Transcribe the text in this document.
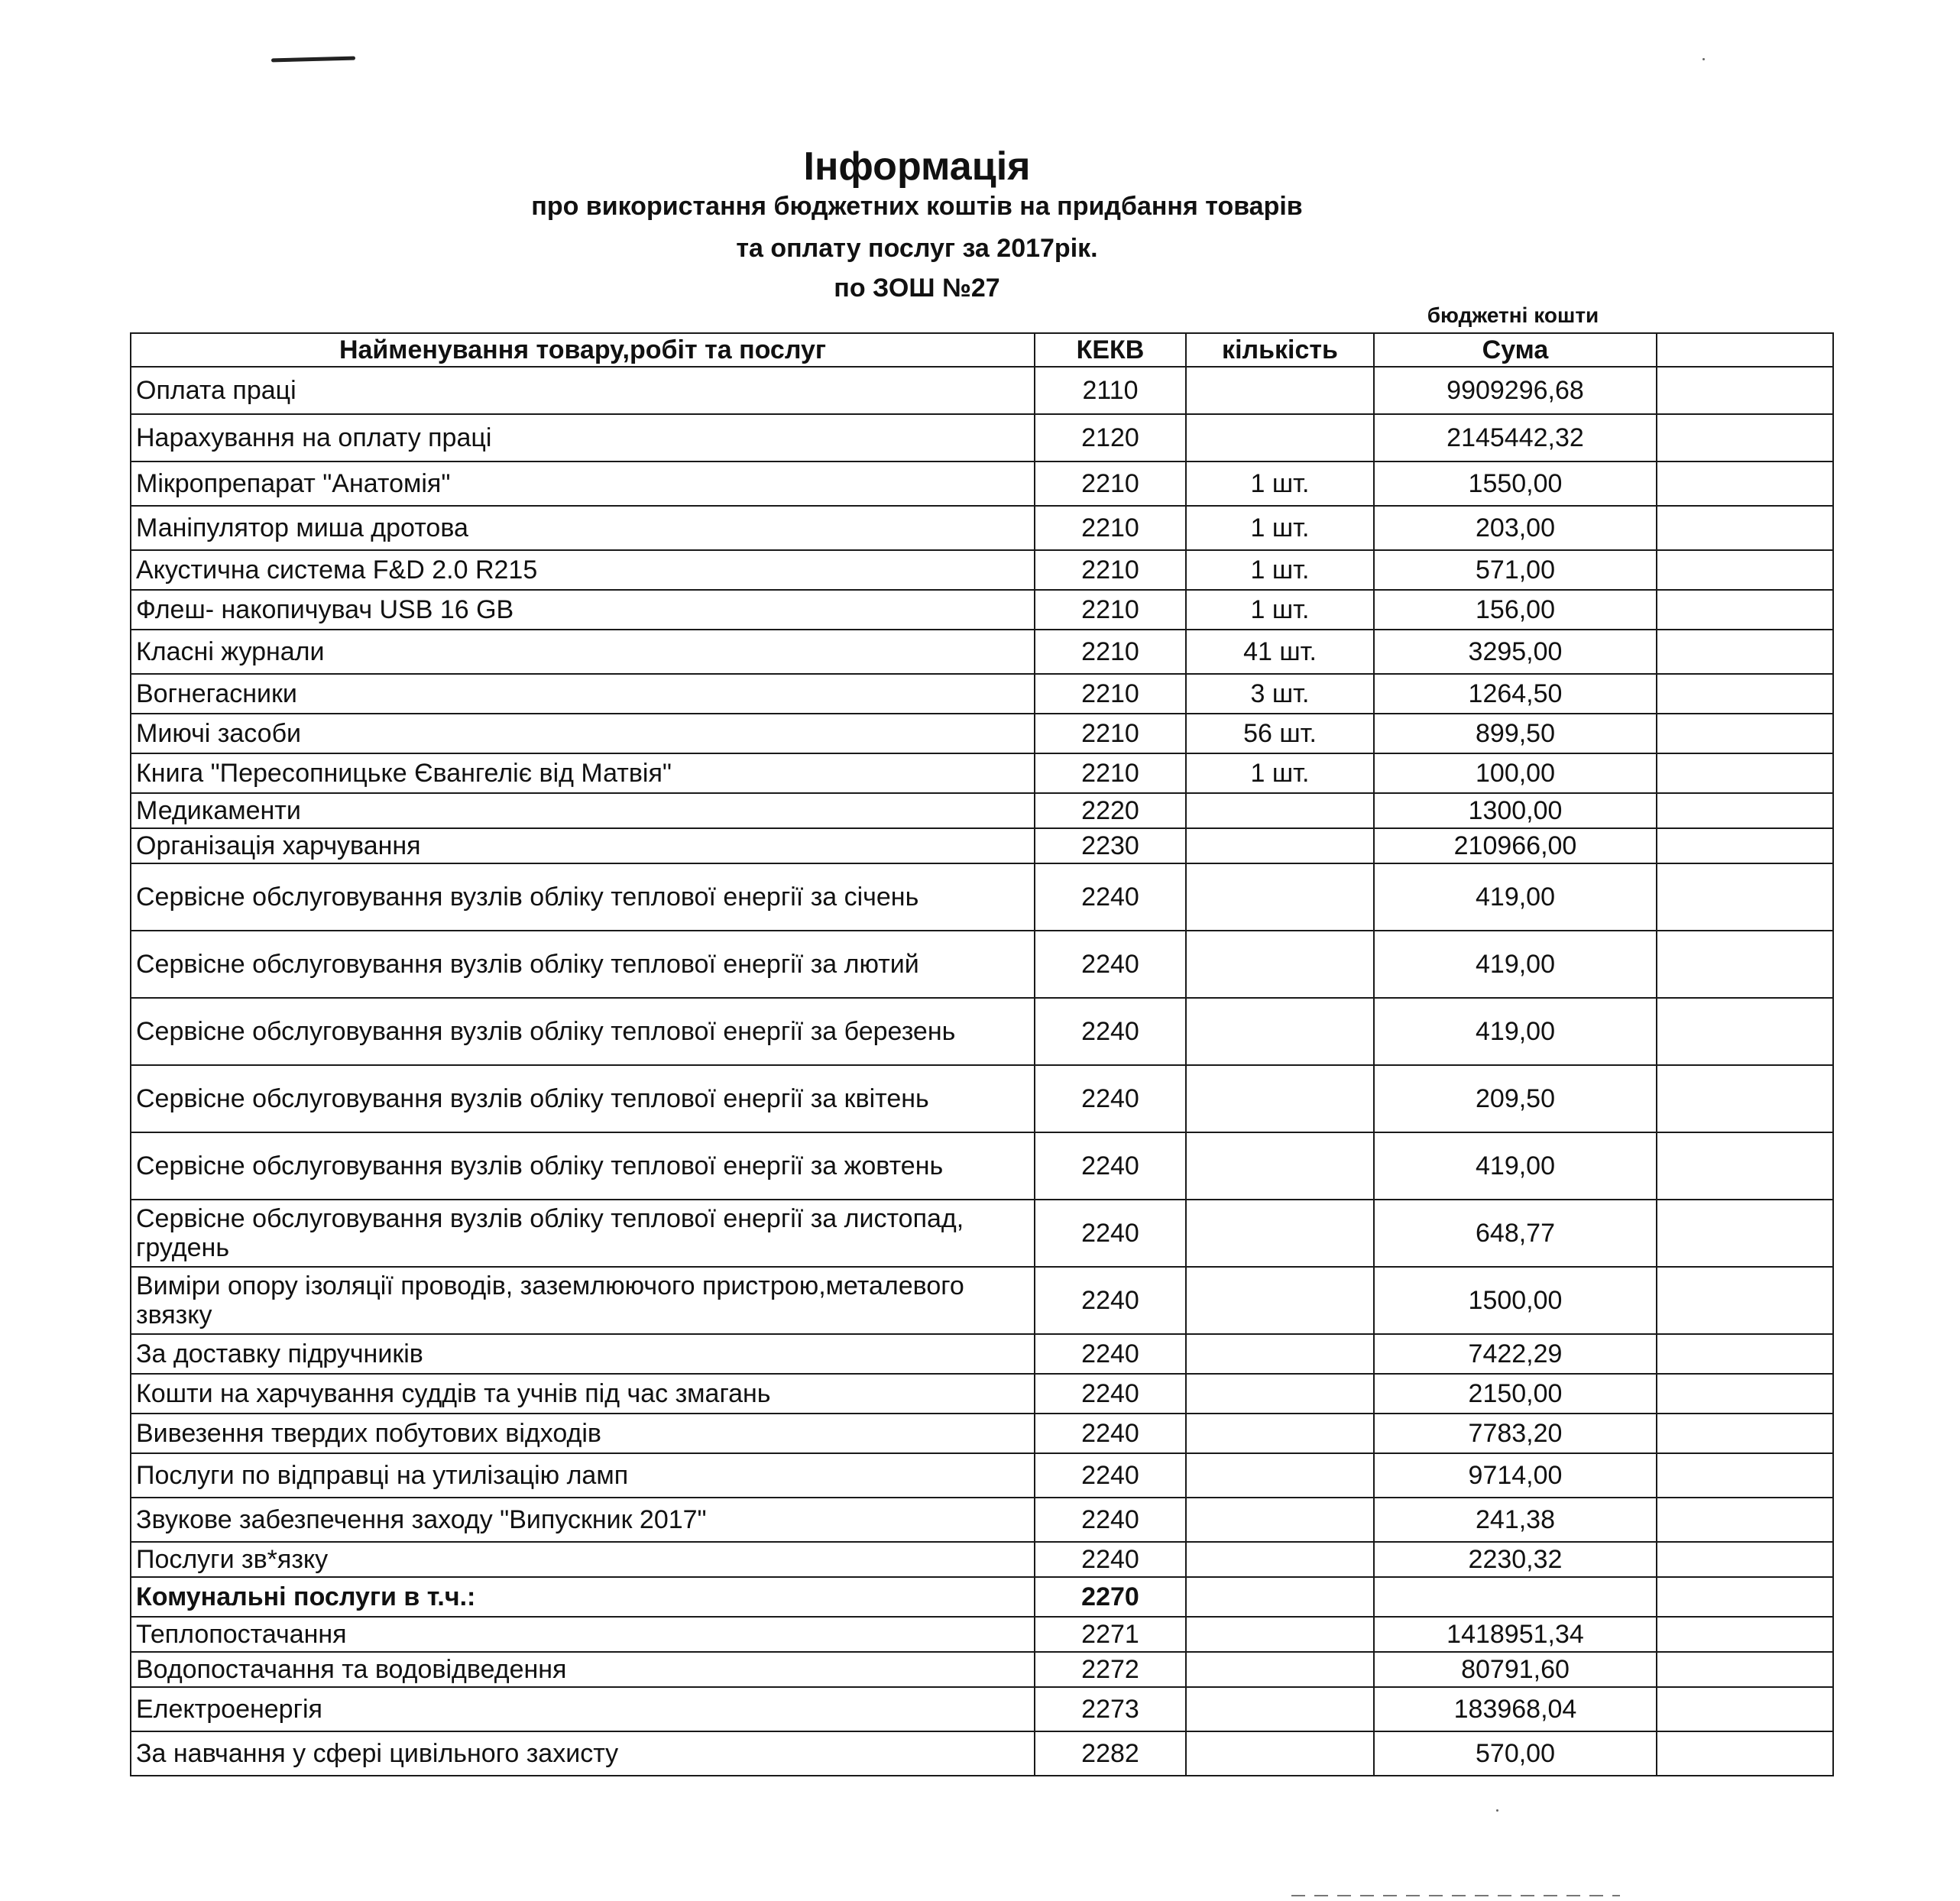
Інформація
про використання бюджетних коштів на придбання товарів
та оплату послуг за 2017рік.
по ЗОШ №27
бюджетні кошти
Найменування товару,робіт та послуг	КЕКВ	кількість	Сума	
Оплата праці	2110		9909296,68	
Нарахування на оплату праці	2120		2145442,32	
Мікропрепарат "Анатомія"	2210	1 шт.	1550,00	
Маніпулятор миша дротова	2210	1 шт.	203,00	
Акустична система F&D 2.0 R215	2210	1 шт.	571,00	
Флеш- накопичувач USB 16 GB	2210	1 шт.	156,00	
Класні журнали	2210	41 шт.	3295,00	
Вогнегасники	2210	3 шт.	1264,50	
Миючі засоби	2210	56 шт.	899,50	
Книга "Пересопницьке Євангеліє від Матвія"	2210	1 шт.	100,00	
Медикаменти	2220		1300,00	
Організація харчування	2230		210966,00	
Сервісне обслуговування вузлів обліку теплової енергії за січень	2240		419,00	
Сервісне обслуговування вузлів обліку теплової енергії за лютий	2240		419,00	
Сервісне обслуговування вузлів обліку теплової енергії за березень	2240		419,00	
Сервісне обслуговування вузлів обліку теплової енергії за квітень	2240		209,50	
Сервісне обслуговування вузлів обліку теплової енергії за жовтень	2240		419,00	
Сервісне обслуговування вузлів обліку теплової енергії за листопад, грудень	2240		648,77	
Виміри опору ізоляції проводів, заземлюючого пристрою,металевого звязку	2240		1500,00	
За доставку підручників	2240		7422,29	
Кошти на харчування суддів та учнів під час змагань	2240		2150,00	
Вивезення твердих побутових відходів	2240		7783,20	
Послуги по відправці на утилізацію ламп	2240		9714,00	
Звукове забезпечення заходу "Випускник 2017"	2240		241,38	
Послуги зв*язку	2240		2230,32	
Комунальні послуги в т.ч.:	2270			
Теплопостачання	2271		1418951,34	
Водопостачання та водовідведення	2272		80791,60	
Електроенергія	2273		183968,04	
За навчання у сфері цивільного захисту	2282		570,00	
